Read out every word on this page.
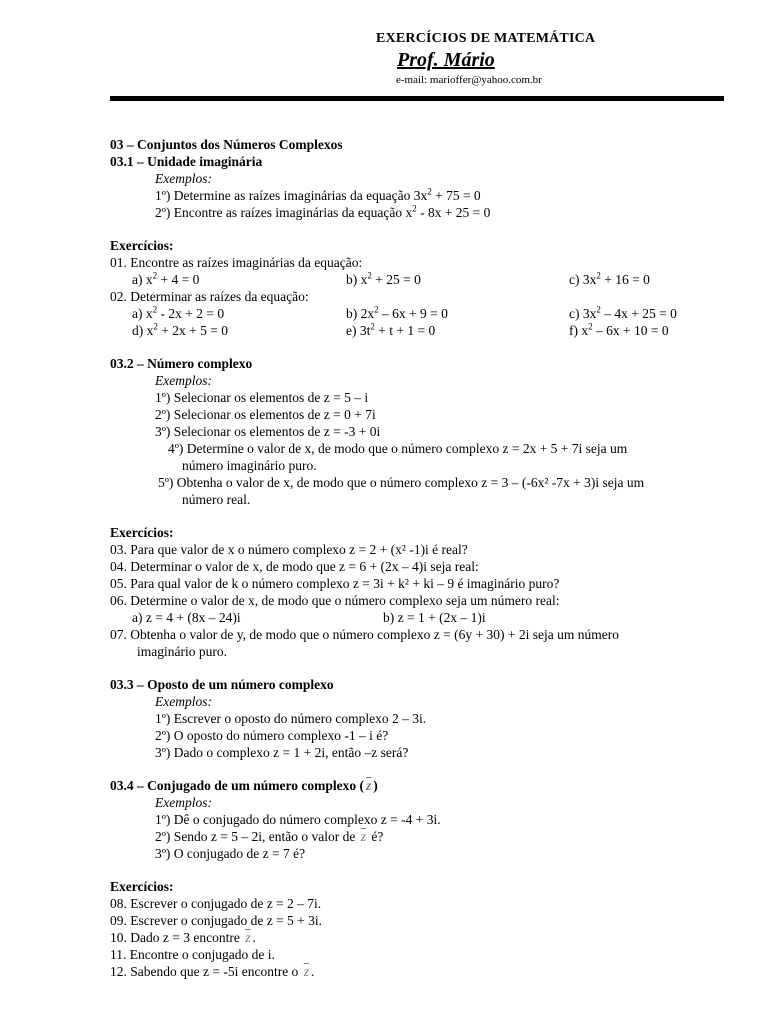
EXERCÍCIOS DE MATEMÁTICA
Prof. Mário
e-mail: marioffer@yahoo.com.br
03 – Conjuntos dos Números Complexos
03.1 – Unidade imaginária
Exemplos:
1º) Determine as raízes imaginárias da equação $3x^2 + 75 = 0$
2º) Encontre as raízes imaginárias da equação $x^2 - 8x + 25 = 0$
Exercícios:
01. Encontre as raízes imaginárias da equação:
a) $x^2 + 4 = 0$	b) $x^2 + 25 = 0$	c) $3x^2 + 16 = 0$
02. Determinar as raízes da equação:
a) $x^2 - 2x + 2 = 0$	b) $2x^2 - 6x + 9 = 0$	c) $3x^2 - 4x + 25 = 0$
d) $x^2 + 2x + 5 = 0$	e) $3t^2 + t + 1 = 0$	f) $x^2 - 6x + 10 = 0$
03.2 – Número complexo
Exemplos:
1º) Selecionar os elementos de z = 5 – i
2º) Selecionar os elementos de z = 0 + 7i
3º) Selecionar os elementos de z = -3 + 0i
4º) Determine o valor de x, de modo que o número complexo z = 2x + 5 + 7i seja um
número imaginário puro.
5º) Obtenha o valor de x, de modo que o número complexo z = 3 – (-6x² -7x + 3)i seja um
número real.
Exercícios:
03. Para que valor de x o número complexo z = 2 + (x² -1)i é real?
04. Determinar o valor de x, de modo que z = 6 + (2x – 4)i seja real:
05. Para qual valor de k o número complexo z = 3i + k² + ki – 9 é imaginário puro?
06. Determine o valor de x, de modo que o número complexo seja um número real:
a) z = 4 + (8x – 24)i	b) z = 1 + (2x – 1)i
07. Obtenha o valor de y, de modo que o número complexo z = (6y + 30) + 2i seja um número
imaginário puro.
03.3 – Oposto de um número complexo
Exemplos:
1º) Escrever o oposto do número complexo 2 – 3i.
2º) O oposto do número complexo -1 – i é?
3º) Dado o complexo z = 1 + 2i, então –z será?
03.4 – Conjugado de um número complexo ( $\overline{z}$ )
Exemplos:
1º) Dê o conjugado do número complexo z = -4 + 3i.
2º) Sendo z = 5 – 2i, então o valor de $\overline{z}$ é?
3º) O conjugado de z = 7 é?
Exercícios:
08. Escrever o conjugado de z = 2 – 7i.
09. Escrever o conjugado de z = 5 + 3i.
10. Dado z = 3 encontre $\overline{z}$ .
11. Encontre o conjugado de i.
12. Sabendo que z = -5i encontre o $\overline{z}$ .
